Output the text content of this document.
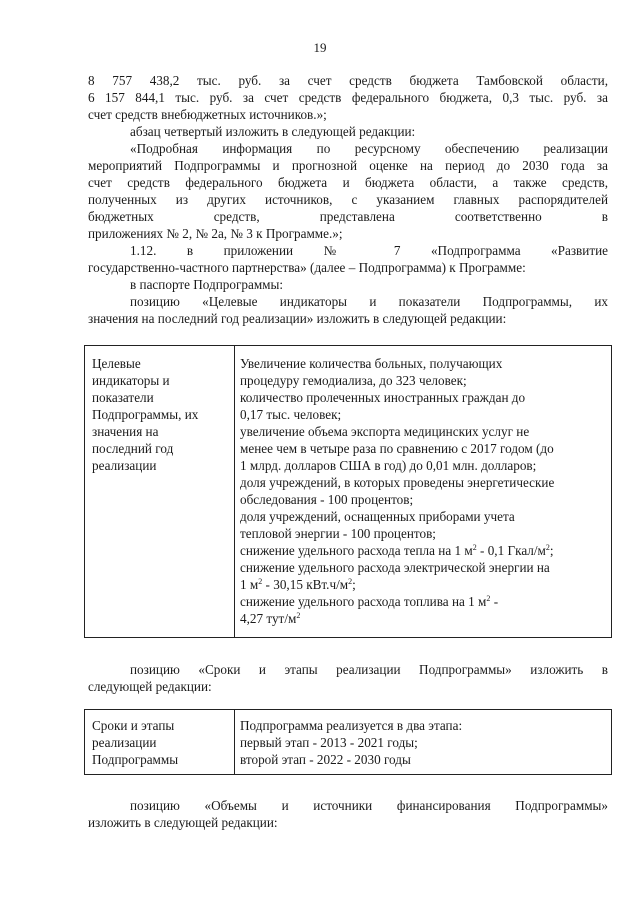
19
8 757 438,2 тыс. руб. за счет средств бюджета Тамбовской области,
6 157 844,1 тыс. руб. за счет средств федерального бюджета, 0,3 тыс. руб. за
счет средств внебюджетных источников.»;
абзац четвертый изложить в следующей редакции:
«Подробная информация по ресурсному обеспечению реализации
мероприятий Подпрограммы и прогнозной оценке на период до 2030 года за
счет средств федерального бюджета и бюджета области, а также средств,
полученных из других источников, с указанием главных распорядителей
бюджетных средств, представлена соответственно в
приложениях № 2, № 2а, № 3 к Программе.»;
1.12. в приложении № 7 «Подпрограмма «Развитие
государственно-частного партнерства» (далее – Подпрограмма) к Программе:
в паспорте Подпрограммы:
позицию «Целевые индикаторы и показатели Подпрограммы, их
значения на последний год реализации» изложить в следующей редакции:
Целевые
индикаторы и
показатели
Подпрограммы, их
значения на
последний год
реализации
Увеличение количества больных, получающих
процедуру гемодиализа, до 323 человек;
количество пролеченных иностранных граждан до
0,17 тыс. человек;
увеличение объема экспорта медицинских услуг не
менее чем в четыре раза по сравнению с 2017 годом (до
1 млрд. долларов США в год) до 0,01 млн. долларов;
доля учреждений, в которых проведены энергетические
обследования - 100 процентов;
доля учреждений, оснащенных приборами учета
тепловой энергии - 100 процентов;
снижение удельного расхода тепла на 1 $м^2 - 0,1$ Гкал/$м^2$;
снижение удельного расхода электрической энергии на
1 $м^2 - 30,15$ $кВт.ч/м^2$;
снижение удельного расхода топлива на 1 $м^2$ -
4,27 тут/$м^2$
позицию «Сроки и этапы реализации Подпрограммы» изложить в
следующей редакции:
Сроки и этапы
реализации
Подпрограммы
Подпрограмма реализуется в два этапа:
первый этап - 2013 - 2021 годы;
второй этап - 2022 - 2030 годы
позицию «Объемы и источники финансирования Подпрограммы»
изложить в следующей редакции:
